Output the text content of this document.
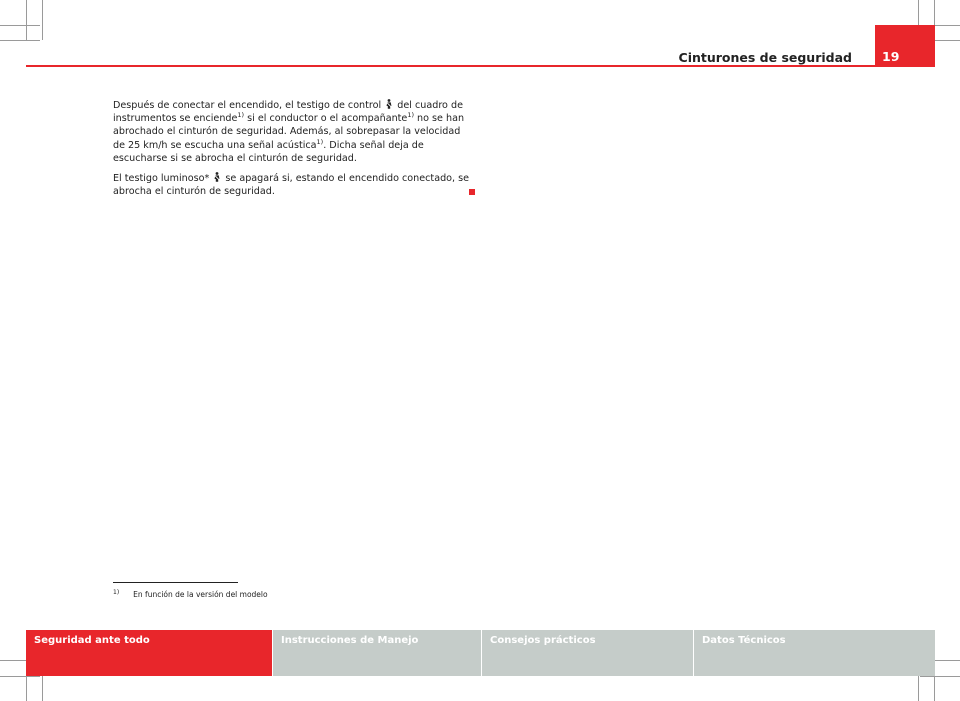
Cinturones de seguridad 19

Después de conectar el encendido, el testigo de control del cuadro de instrumentos se enciende$^{1)}$ si el conductor o el acompañante$^{1)}$ no se han abrochado el cinturón de seguridad. Además, al sobrepasar la velocidad de 25 km/h se escucha una señal acústica$^{1)}$. Dicha señal deja de escucharse si se abrocha el cinturón de seguridad.

El testigo luminoso* se apagará si, estando el encendido conectado, se abrocha el cinturón de seguridad.

$^{1)}$ En función de la versión del modelo
Seguridad ante todo	Instrucciones de Manejo	Consejos prácticos	Datos Técnicos
